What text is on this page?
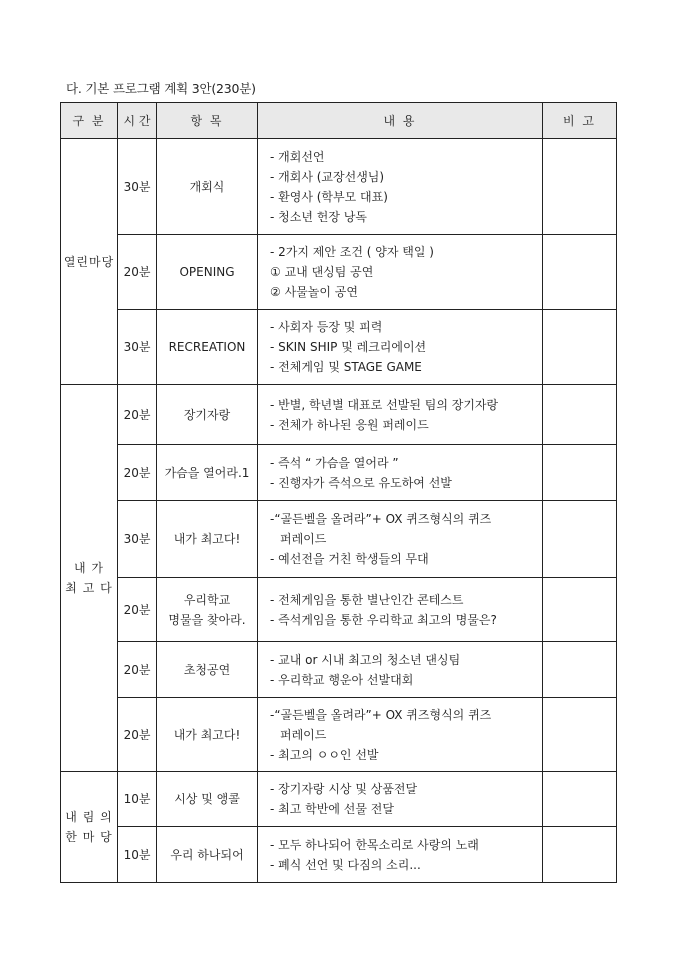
다. 기본 프로그램 계획 3안(230분)
구 분	시 간	항 목	내 용	비 고
열린마당	30분	개회식	- 개회선언
- 개회사 (교장선생님)
- 환영사 (학부모 대표)
- 청소년 헌장 낭독	

	20분	OPENING	- 2가지 제안 조건 ( 양자 택일 )
① 교내 댄싱팀 공연
② 사물놀이 공연	

	30분	RECREATION	- 사회자 등장 및 피력
- SKIN SHIP 및 레크리에이션
- 전체게임 및 STAGE GAME	

내 가
최 고 다	20분	장기자랑	- 반별, 학년별 대표로 선발된 팀의 장기자랑
- 전체가 하나된 응원 퍼레이드	

	20분	가슴을 열어라.1	- 즉석 “ 가슴을 열어라 ”
- 진행자가 즉석으로 유도하여 선발	

	30분	내가 최고다!	-“골든벨을 올려라”+ OX 퀴즈형식의 퀴즈
퍼레이드
- 예선전을 거친 학생들의 무대	

	20분	우리학교
명물을 찾아라.	- 전체게임을 통한 별난인간 콘테스트
- 즉석게임을 통한 우리학교 최고의 명물은?	

	20분	초청공연	- 교내 or 시내 최고의 청소년 댄싱팀
- 우리학교 행운아 선발대회	

	20분	내가 최고다!	-“골든벨을 올려라”+ OX 퀴즈형식의 퀴즈
퍼레이드
- 최고의 ㅇㅇ인 선발	

내 림 의
한 마 당	10분	시상 및 앵콜	- 장기자랑 시상 및 상품전달
- 최고 학반에 선물 전달	

	10분	우리 하나되어	- 모두 하나되어 한목소리로 사랑의 노래
- 폐식 선언 및 다짐의 소리...	
